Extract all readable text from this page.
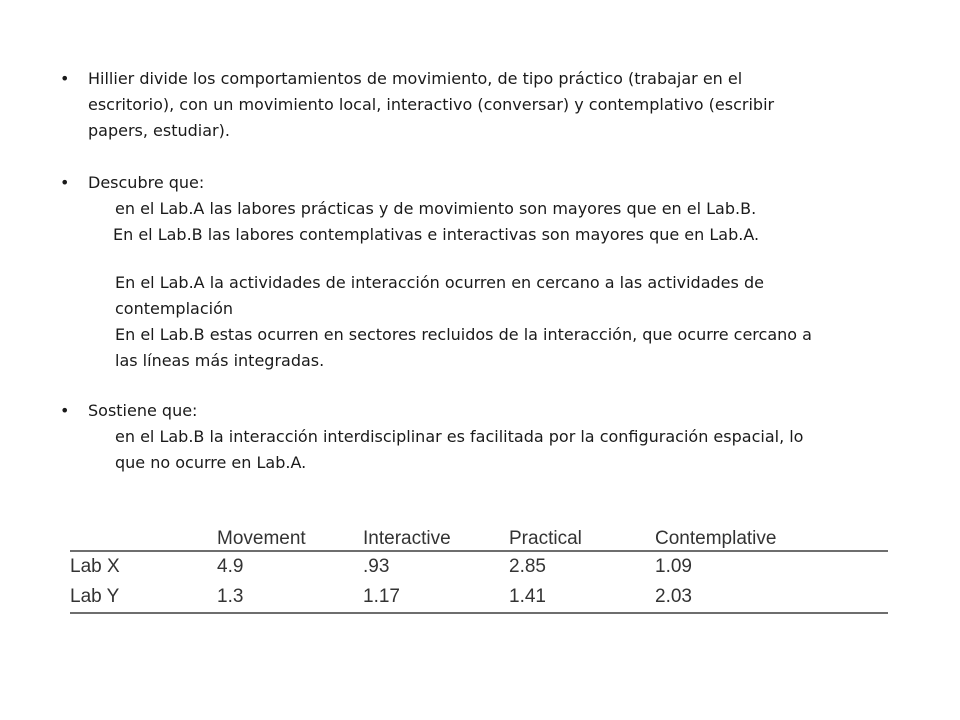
• Hillier divide los comportamientos de movimiento, de tipo práctico (trabajar en el
escritorio), con un movimiento local, interactivo (conversar) y contemplativo (escribir
papers, estudiar).
• Descubre que:
en el Lab.A las labores prácticas y de movimiento son mayores que en el Lab.B.
En el Lab.B las labores contemplativas e interactivas son mayores que en Lab.A.
En el Lab.A la actividades de interacción ocurren en cercano a las actividades de
contemplación
En el Lab.B estas ocurren en sectores recluidos de la interacción, que ocurre cercano a
las líneas más integradas.
• Sostiene que:
en el Lab.B la interacción interdisciplinar es facilitada por la configuración espacial, lo
que no ocurre en Lab.A.
	Movement	Interactive	Practical	Contemplative
Lab X	4.9	.93	2.85	1.09
Lab Y	1.3	1.17	1.41	2.03
